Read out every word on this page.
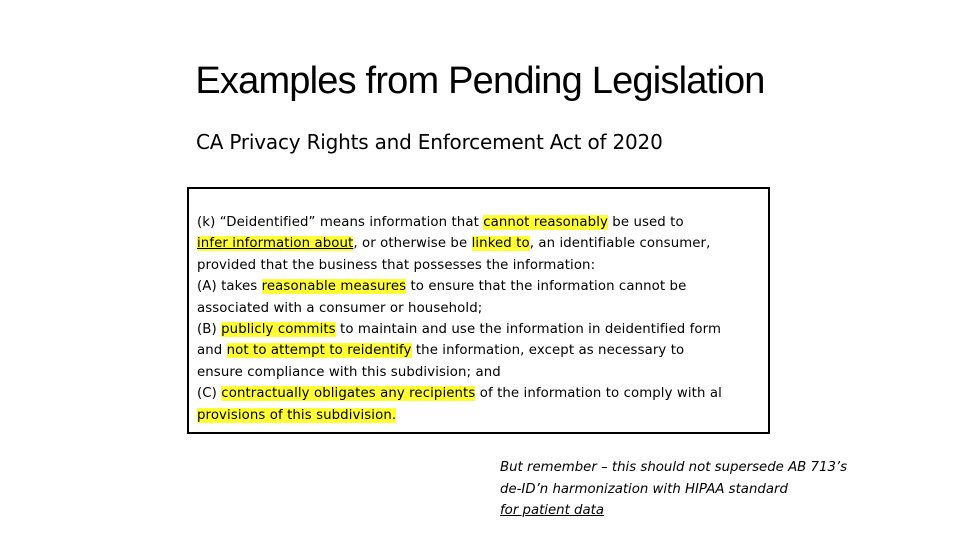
Examples from Pending Legislation
CA Privacy Rights and Enforcement Act of 2020
(k) “Deidentified” means information that cannot reasonably be used to
infer information about, or otherwise be linked to, an identifiable consumer,
provided that the business that possesses the information:
(A) takes reasonable measures to ensure that the information cannot be
associated with a consumer or household;
(B) publicly commits to maintain and use the information in deidentified form
and not to attempt to reidentify the information, except as necessary to
ensure compliance with this subdivision; and
(C) contractually obligates any recipients of the information to comply with al
provisions of this subdivision.
But remember – this should not supersede AB 713’s
de-ID’n harmonization with HIPAA standard
for patient data
